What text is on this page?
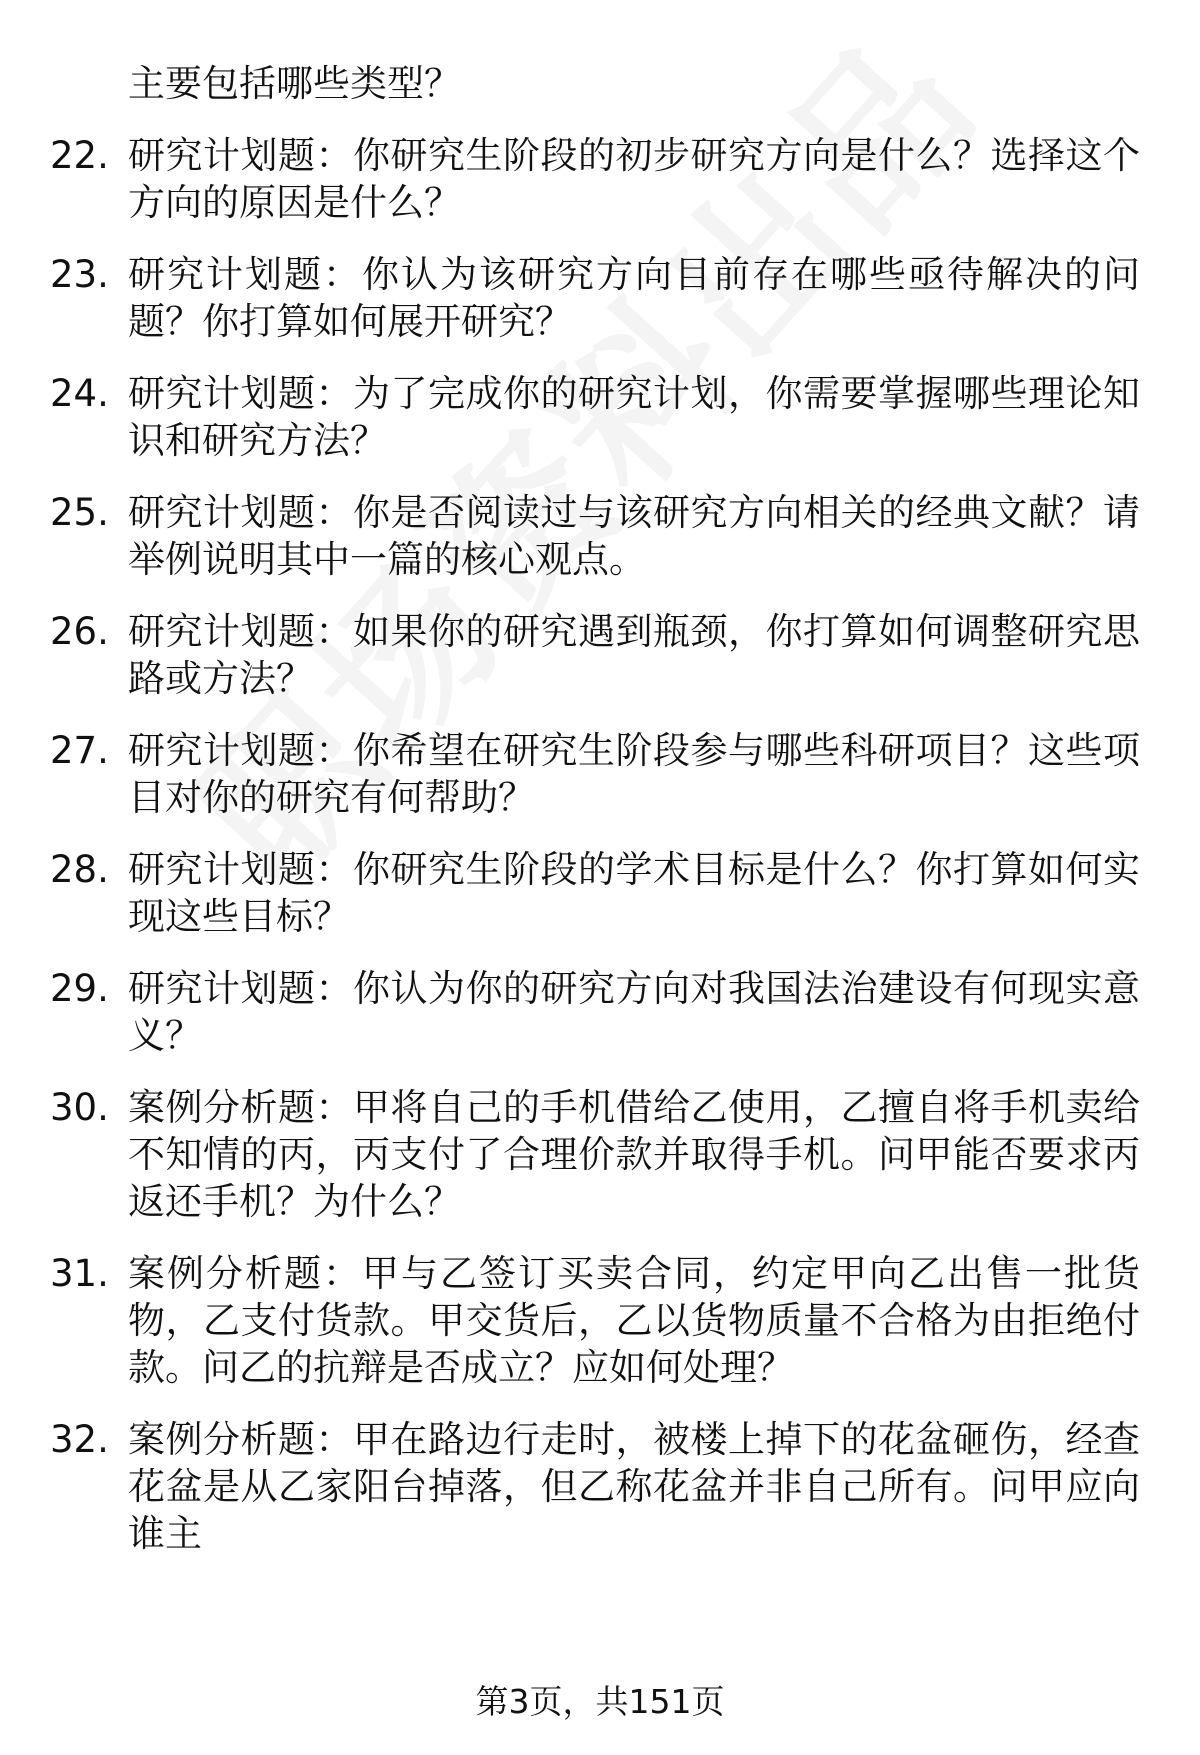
主要包括哪些类型？
22. 研究计划题：你研究生阶段的初步研究方向是什么？选择这个方向的原因是什么？
23. 研究计划题：你认为该研究方向目前存在哪些亟待解决的问题？你打算如何展开研究？
24. 研究计划题：为了完成你的研究计划，你需要掌握哪些理论知识和研究方法？
25. 研究计划题：你是否阅读过与该研究方向相关的经典文献？请举例说明其中一篇的核心观点。
26. 研究计划题：如果你的研究遇到瓶颈，你打算如何调整研究思路或方法？
27. 研究计划题：你希望在研究生阶段参与哪些科研项目？这些项目对你的研究有何帮助？
28. 研究计划题：你研究生阶段的学术目标是什么？你打算如何实现这些目标？
29. 研究计划题：你认为你的研究方向对我国法治建设有何现实意义？
30. 案例分析题：甲将自己的手机借给乙使用，乙擅自将手机卖给不知情的丙，丙支付了合理价款并取得手机。问甲能否要求丙返还手机？为什么？
31. 案例分析题：甲与乙签订买卖合同，约定甲向乙出售一批货物，乙支付货款。甲交货后，乙以货物质量不合格为由拒绝付款。问乙的抗辩是否成立？应如何处理？
32. 案例分析题：甲在路边行走时，被楼上掉下的花盆砸伤，经查花盆是从乙家阳台掉落，但乙称花盆并非自己所有。问甲应向谁主
第3页，共151页
